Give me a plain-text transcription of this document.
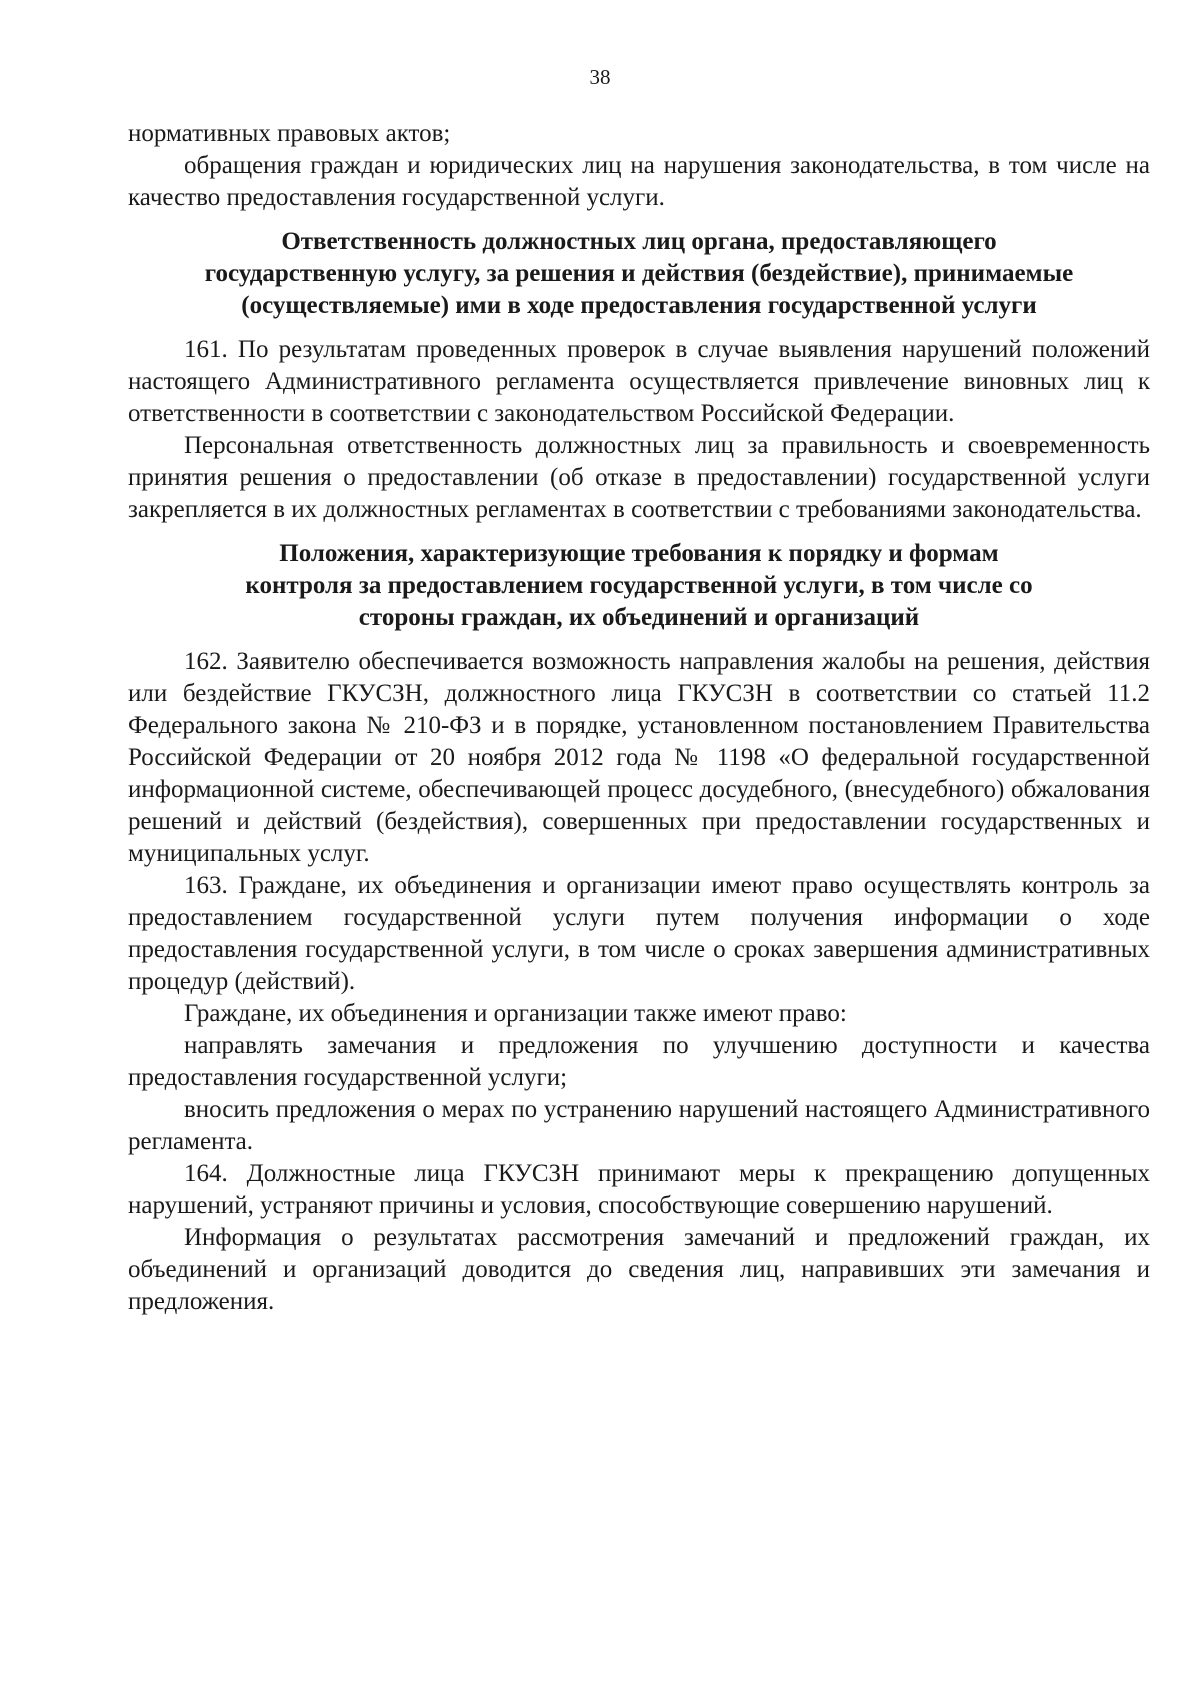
38

нормативных правовых актов;

обращения граждан и юридических лиц на нарушения законодательства, в том числе на качество предоставления государственной услуги.

Ответственность должностных лиц органа, предоставляющего
государственную услугу, за решения и действия (бездействие), принимаемые
(осуществляемые) ими в ходе предоставления государственной услуги

161. По результатам проведенных проверок в случае выявления нарушений положений настоящего Административного регламента осуществляется привлечение виновных лиц к ответственности в соответствии с законодательством Российской Федерации.

Персональная ответственность должностных лиц за правильность и своевременность принятия решения о предоставлении (об отказе в предоставлении) государственной услуги закрепляется в их должностных регламентах в соответствии с требованиями законодательства.

Положения, характеризующие требования к порядку и формам
контроля за предоставлением государственной услуги, в том числе со
стороны граждан, их объединений и организаций

162. Заявителю обеспечивается возможность направления жалобы на решения, действия или бездействие ГКУСЗН, должностного лица ГКУСЗН в соответствии со статьей 11.2 Федерального закона № 210-ФЗ и в порядке, установленном постановлением Правительства Российской Федерации от 20 ноября 2012 года № 1198 «О федеральной государственной информационной системе, обеспечивающей процесс досудебного, (внесудебного) обжалования решений и действий (бездействия), совершенных при предоставлении государственных и муниципальных услуг.

163. Граждане, их объединения и организации имеют право осуществлять контроль за предоставлением государственной услуги путем получения информации о ходе предоставления государственной услуги, в том числе о сроках завершения административных процедур (действий).

Граждане, их объединения и организации также имеют право:

направлять замечания и предложения по улучшению доступности и качества предоставления государственной услуги;

вносить предложения о мерах по устранению нарушений настоящего Административного регламента.

164. Должностные лица ГКУСЗН принимают меры к прекращению допущенных нарушений, устраняют причины и условия, способствующие совершению нарушений.

Информация о результатах рассмотрения замечаний и предложений граждан, их объединений и организаций доводится до сведения лиц, направивших эти замечания и предложения.
